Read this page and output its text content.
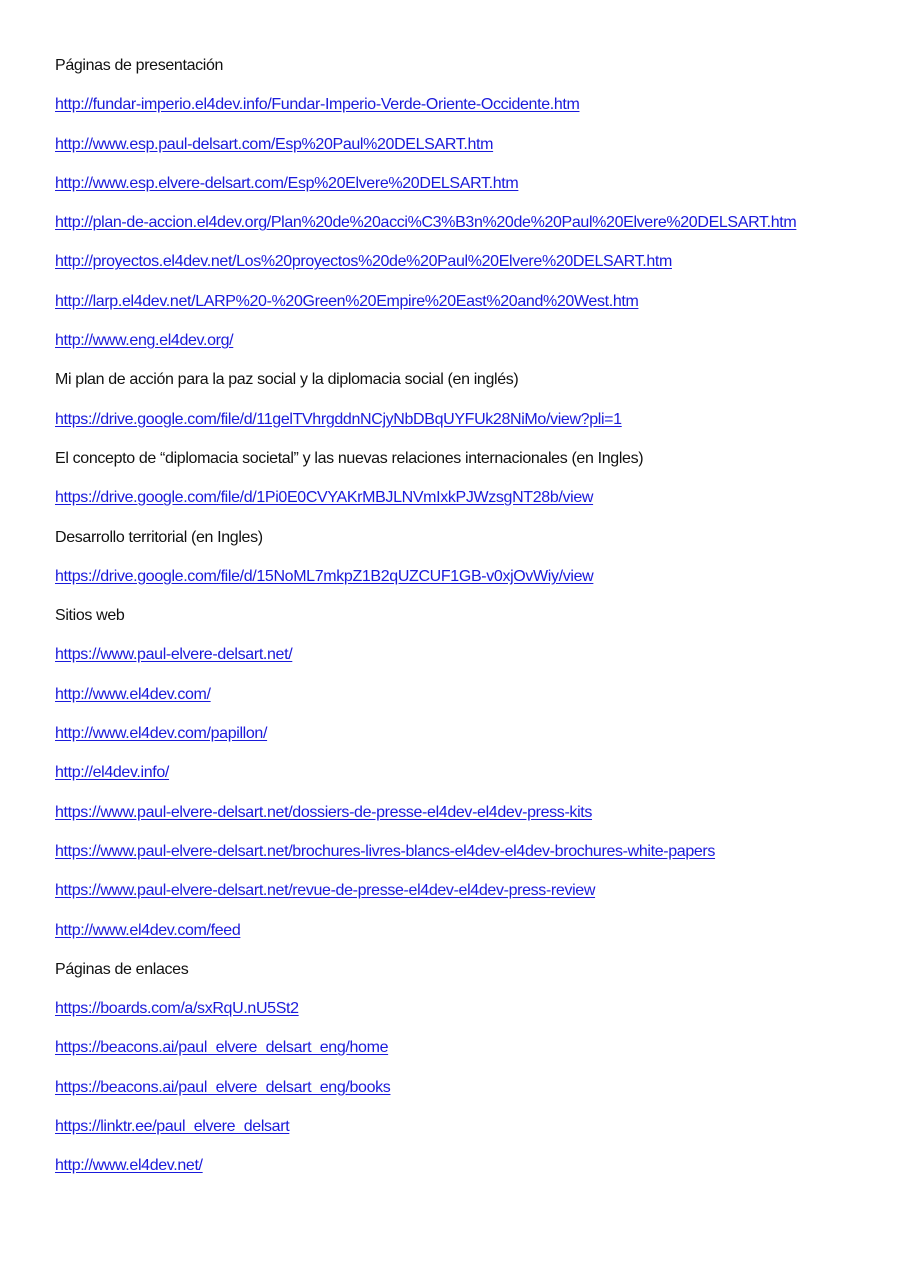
Páginas de presentación
http://fundar-imperio.el4dev.info/Fundar-Imperio-Verde-Oriente-Occidente.htm
http://www.esp.paul-delsart.com/Esp%20Paul%20DELSART.htm
http://www.esp.elvere-delsart.com/Esp%20Elvere%20DELSART.htm
http://plan-de-accion.el4dev.org/Plan%20de%20acci%C3%B3n%20de%20Paul%20Elvere%20DELSART.htm
http://proyectos.el4dev.net/Los%20proyectos%20de%20Paul%20Elvere%20DELSART.htm
http://larp.el4dev.net/LARP%20-%20Green%20Empire%20East%20and%20West.htm
http://www.eng.el4dev.org/
Mi plan de acción para la paz social y la diplomacia social (en inglés)
https://drive.google.com/file/d/11gelTVhrgddnNCjyNbDBqUYFUk28NiMo/view?pli=1
El concepto de “diplomacia societal” y las nuevas relaciones internacionales (en Ingles)
https://drive.google.com/file/d/1Pi0E0CVYAKrMBJLNVmIxkPJWzsgNT28b/view
Desarrollo territorial (en Ingles)
https://drive.google.com/file/d/15NoML7mkpZ1B2qUZCUF1GB-v0xjOvWiy/view
Sitios web
https://www.paul-elvere-delsart.net/
http://www.el4dev.com/
http://www.el4dev.com/papillon/
http://el4dev.info/
https://www.paul-elvere-delsart.net/dossiers-de-presse-el4dev-el4dev-press-kits
https://www.paul-elvere-delsart.net/brochures-livres-blancs-el4dev-el4dev-brochures-white-papers
https://www.paul-elvere-delsart.net/revue-de-presse-el4dev-el4dev-press-review
http://www.el4dev.com/feed
Páginas de enlaces
https://boards.com/a/sxRqU.nU5St2
https://beacons.ai/paul_elvere_delsart_eng/home
https://beacons.ai/paul_elvere_delsart_eng/books
https://linktr.ee/paul_elvere_delsart
http://www.el4dev.net/
